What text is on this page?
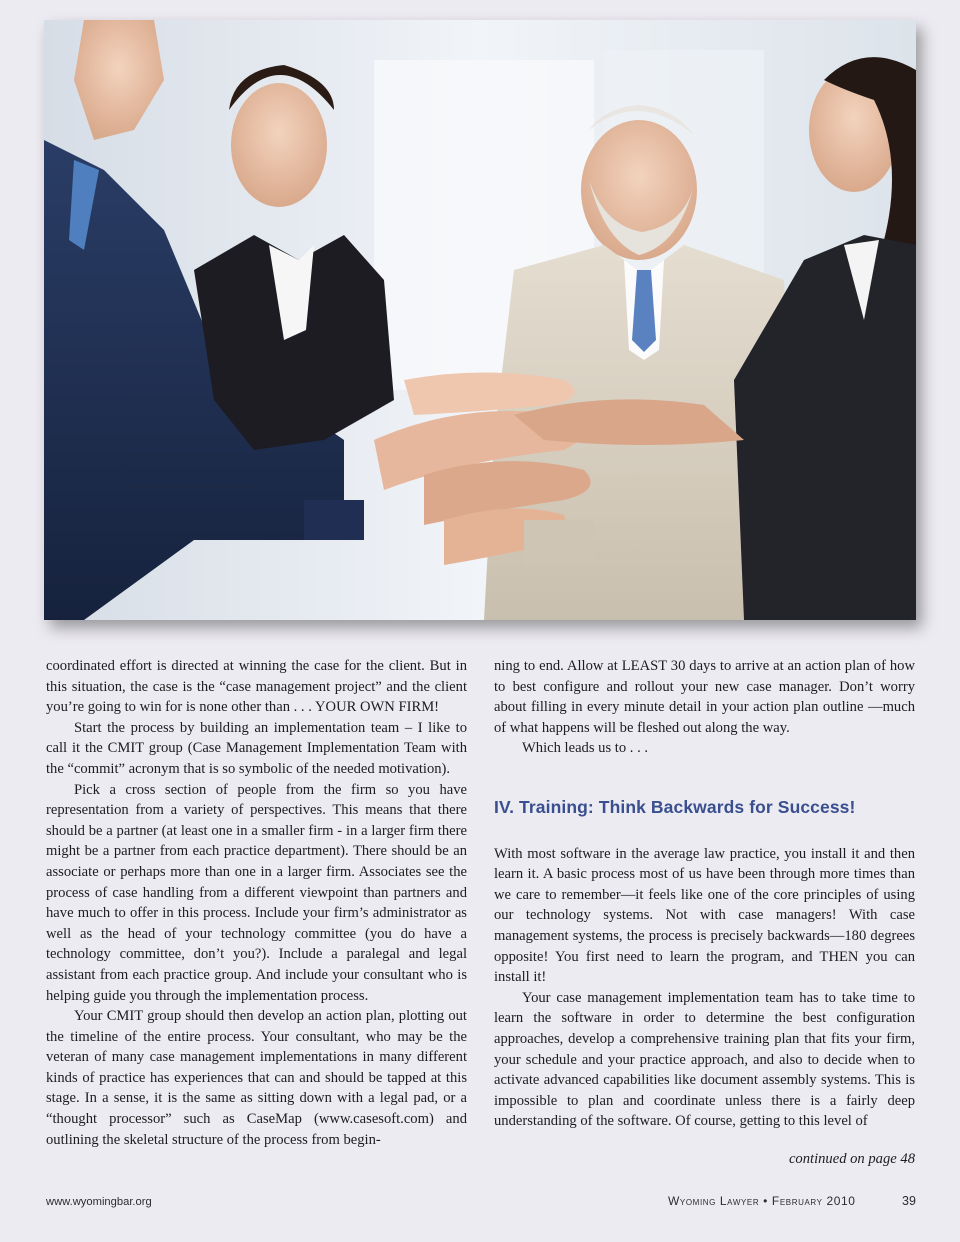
coordinated effort is directed at winning the case for the client. But in this situation, the case is the “case management project” and the client you’re going to win for is none other than . . . YOUR OWN FIRM!

Start the process by building an implementation team – I like to call it the CMIT group (Case Management Implementation Team with the “commit” acronym that is so symbolic of the needed motivation).

Pick a cross section of people from the firm so you have representation from a variety of perspectives. This means that there should be a partner (at least one in a smaller firm - in a larger firm there might be a partner from each practice department). There should be an associate or perhaps more than one in a larger firm. Associates see the process of case handling from a different viewpoint than partners and have much to offer in this process. Include your firm’s administrator as well as the head of your technology committee (you do have a technology committee, don’t you?). Include a paralegal and legal assistant from each practice group. And include your consultant who is helping guide you through the implementation process.

Your CMIT group should then develop an action plan, plotting out the timeline of the entire process. Your consultant, who may be the veteran of many case management implementations in many different kinds of practice has experiences that can and should be tapped at this stage. In a sense, it is the same as sitting down with a legal pad, or a “thought processor” such as CaseMap (www.casesoft.com) and outlining the skeletal structure of the process from begin-

ning to end. Allow at LEAST 30 days to arrive at an action plan of how to best configure and rollout your new case manager. Don’t worry about filling in every minute detail in your action plan outline —much of what happens will be fleshed out along the way.

Which leads us to . . .

IV. Training: Think Backwards for Success!

With most software in the average law practice, you install it and then learn it. A basic process most of us have been through more times than we care to remember—it feels like one of the core principles of using our technology systems. Not with case managers! With case management systems, the process is precisely backwards—180 degrees opposite! You first need to learn the program, and THEN you can install it!

Your case management implementation team has to take time to learn the software in order to determine the best configuration approaches, develop a comprehensive training plan that fits your firm, your schedule and your practice approach, and also to decide when to activate advanced capabilities like document assembly systems. This is impossible to plan and coordinate unless there is a fairly deep understanding of the software. Of course, getting to this level of

continued on page 48
www.wyomingbar.org	Wyoming Lawyer • February 2010	39
